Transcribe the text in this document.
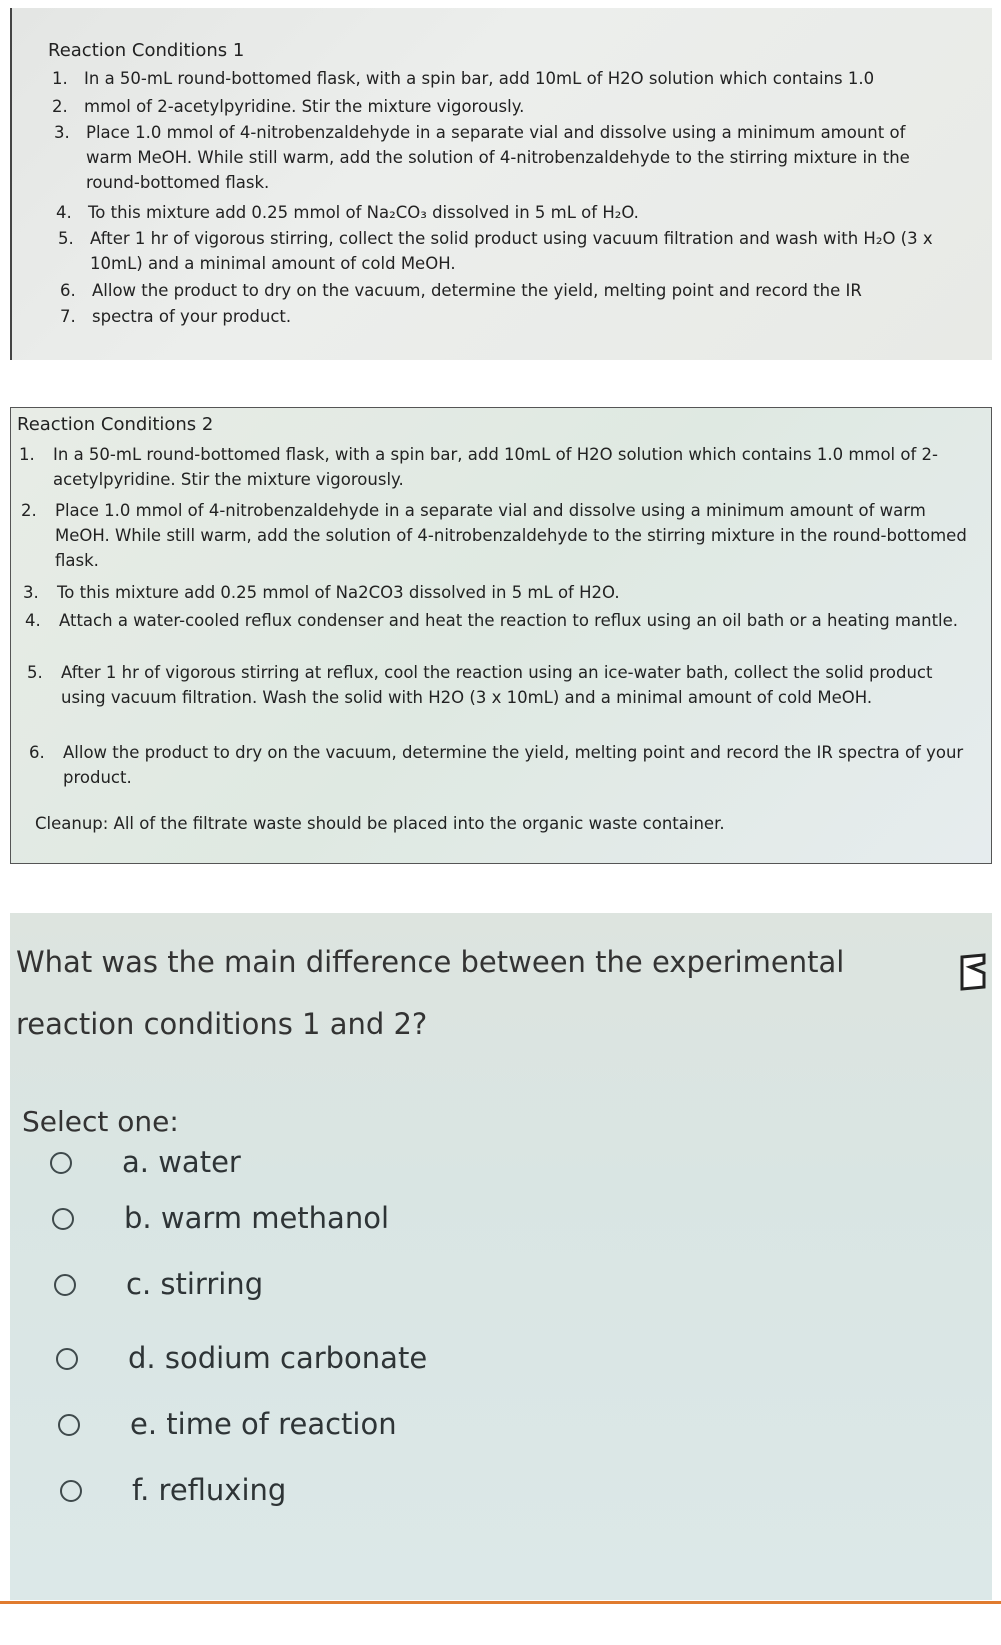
Reaction Conditions 1
1. In a 50-mL round-bottomed flask, with a spin bar, add 10mL of H2O solution which contains 1.0
2. mmol of 2-acetylpyridine. Stir the mixture vigorously.
3. Place 1.0 mmol of 4-nitrobenzaldehyde in a separate vial and dissolve using a minimum amount of warm MeOH. While still warm, add the solution of 4-nitrobenzaldehyde to the stirring mixture in the round-bottomed flask.
4. To this mixture add 0.25 mmol of Na₂CO₃ dissolved in 5 mL of H₂O.
5. After 1 hr of vigorous stirring, collect the solid product using vacuum filtration and wash with H₂O (3 x 10mL) and a minimal amount of cold MeOH.
6. Allow the product to dry on the vacuum, determine the yield, melting point and record the IR
7. spectra of your product.
Reaction Conditions 2
1. In a 50-mL round-bottomed flask, with a spin bar, add 10mL of H2O solution which contains 1.0 mmol of 2-acetylpyridine. Stir the mixture vigorously.
2. Place 1.0 mmol of 4-nitrobenzaldehyde in a separate vial and dissolve using a minimum amount of warm MeOH. While still warm, add the solution of 4-nitrobenzaldehyde to the stirring mixture in the round-bottomed flask.
3. To this mixture add 0.25 mmol of Na2CO3 dissolved in 5 mL of H2O.
4. Attach a water-cooled reflux condenser and heat the reaction to reflux using an oil bath or a heating mantle.
5. After 1 hr of vigorous stirring at reflux, cool the reaction using an ice-water bath, collect the solid product using vacuum filtration. Wash the solid with H2O (3 x 10mL) and a minimal amount of cold MeOH.
6. Allow the product to dry on the vacuum, determine the yield, melting point and record the IR spectra of your product.
Cleanup: All of the filtrate waste should be placed into the organic waste container.
What was the main difference between the experimental reaction conditions 1 and 2?
Select one:
a. water
b. warm methanol
c. stirring
d. sodium carbonate
e. time of reaction
f. refluxing
